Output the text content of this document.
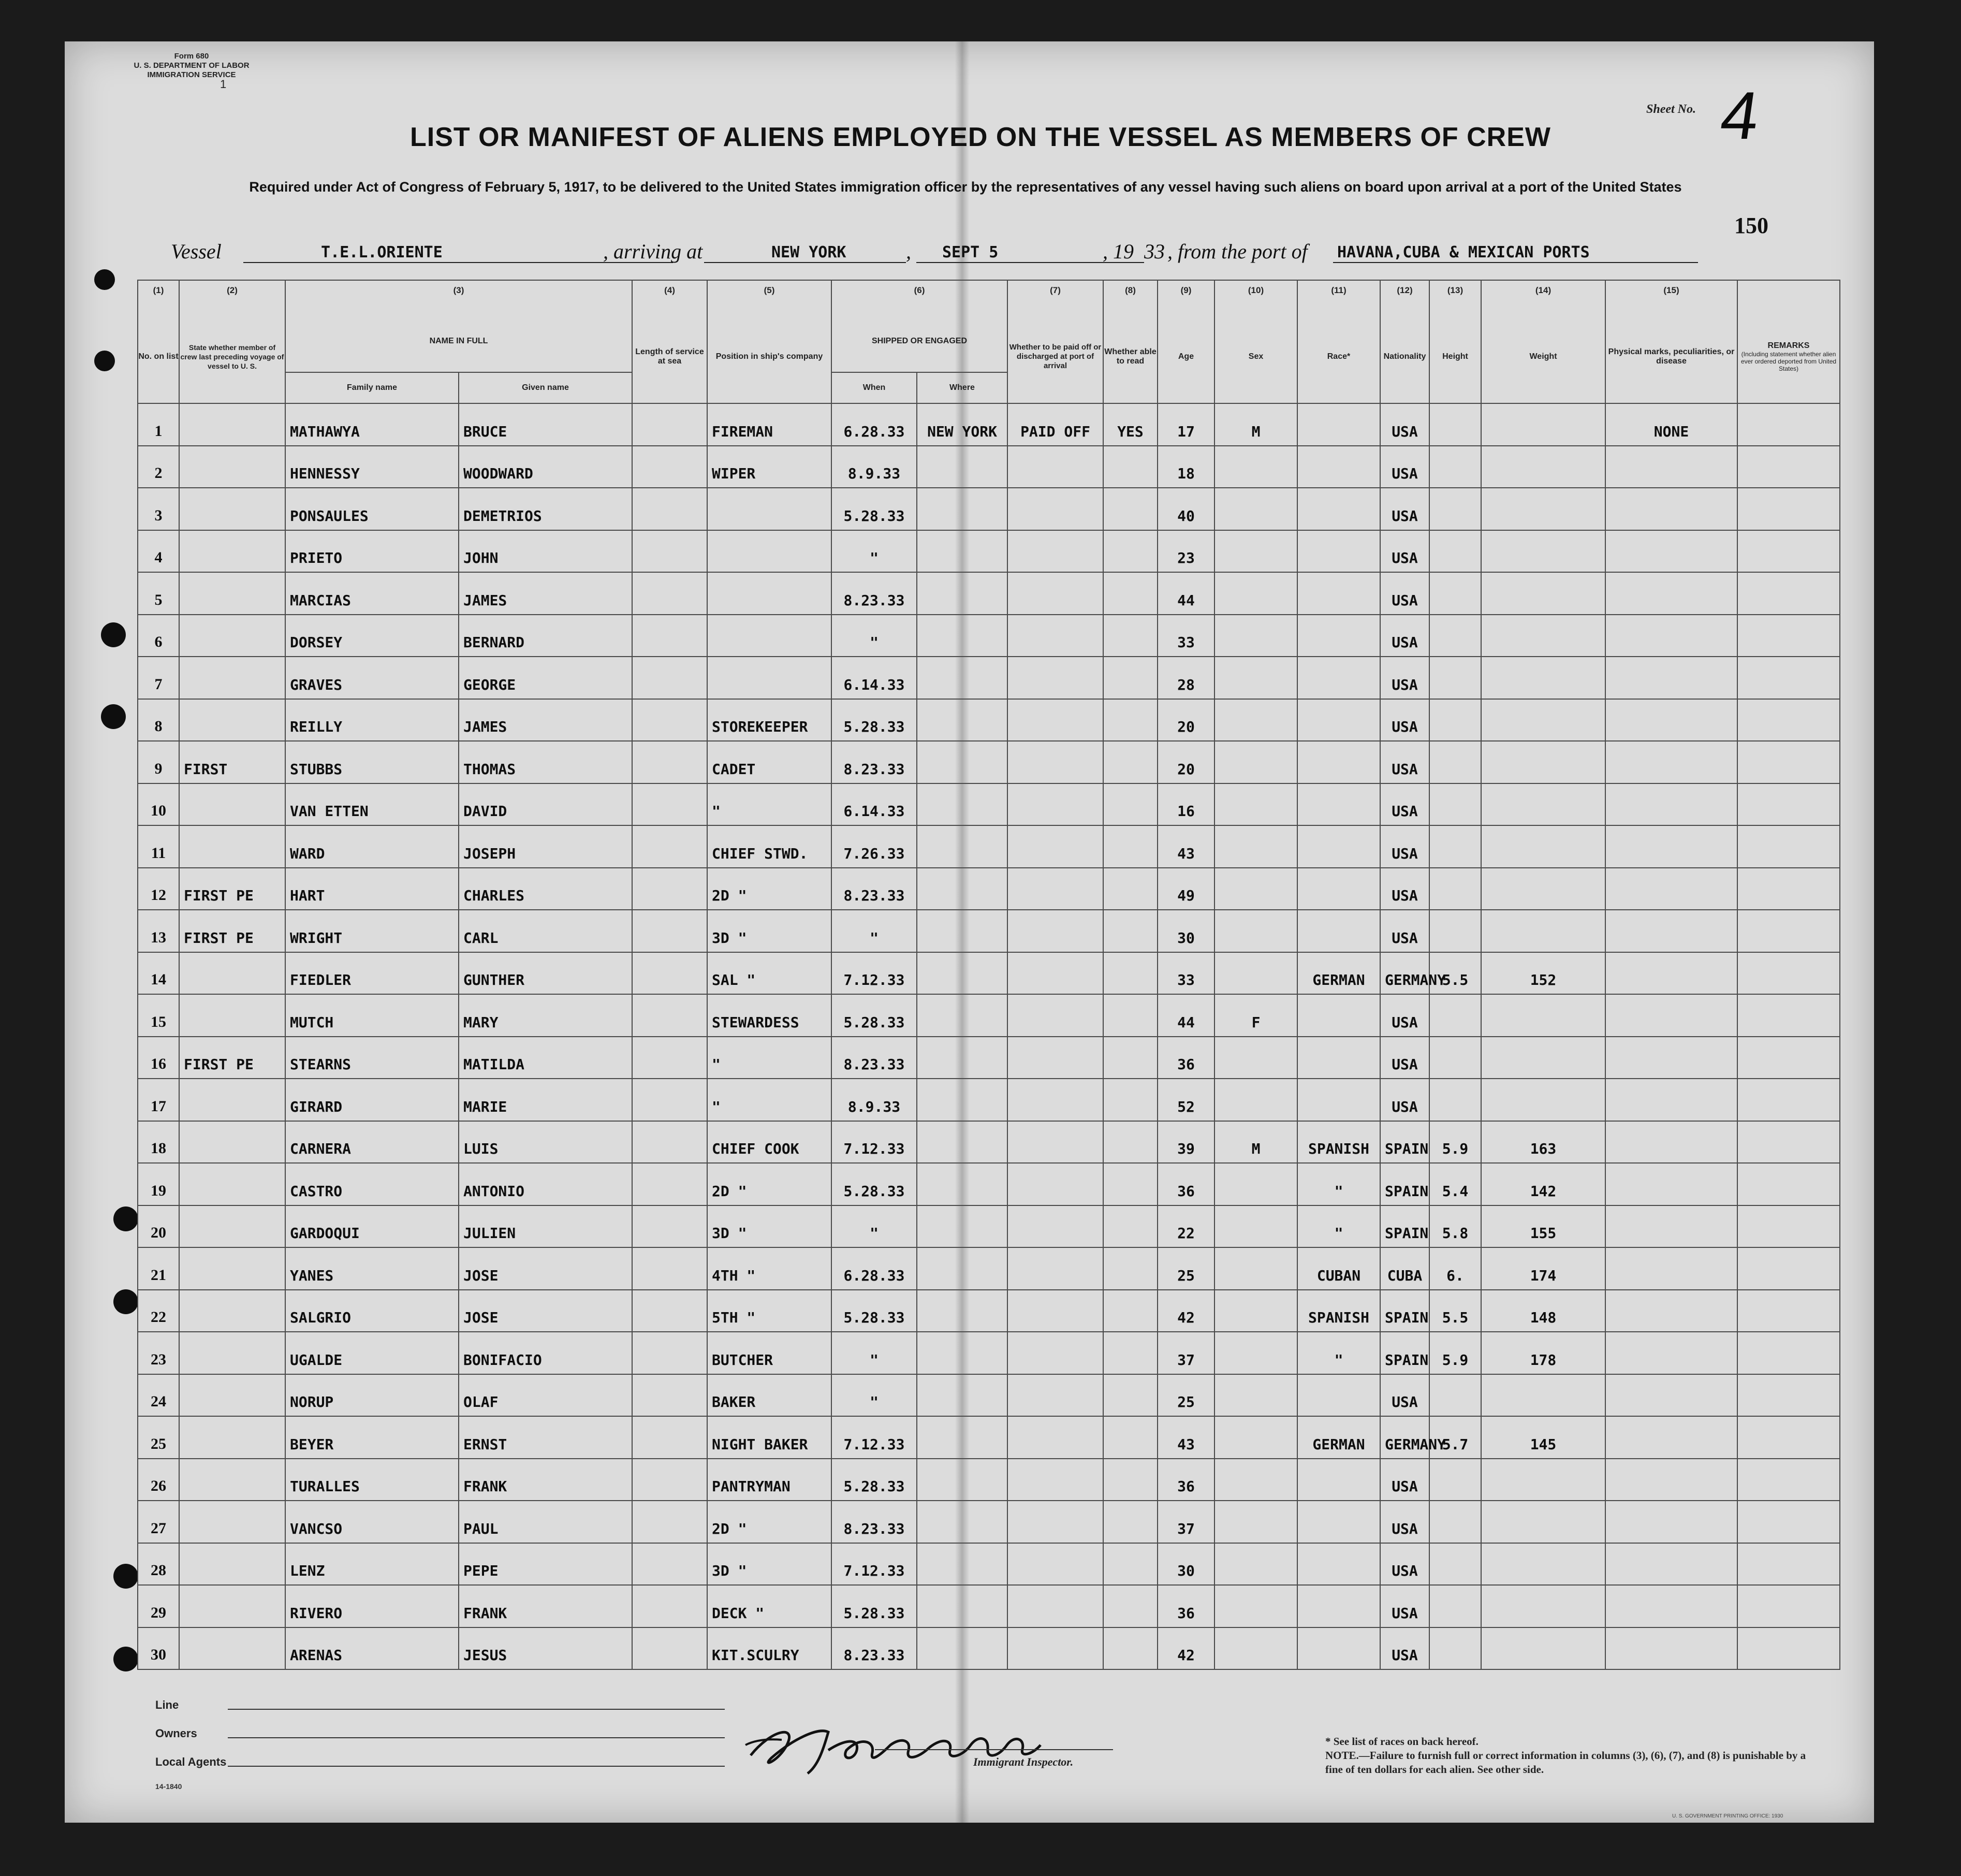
Form 680
U. S. DEPARTMENT OF LABOR
IMMIGRATION SERVICE
1
Sheet No. 4
LIST OR MANIFEST OF ALIENS EMPLOYED ON THE VESSEL AS MEMBERS OF CREW
Required under Act of Congress of February 5, 1917, to be delivered to the United States immigration officer by the representatives of any vessel having such aliens on board upon arrival at a port of the United States
150
Vessel	T.E.L.ORIENTE	, arriving at	NEW YORK	, SEPT 5	, 19 33 , from the port of HAVANA,CUBA & MEXICAN PORTS
(1)	(2)	(3)		(4)	(5)	(6)		(7)	(8)	(9)	(10)	(11)	(12)	(13)	(14)	(15)	
No. on list	State whether member of crew last preceding voyage of vessel to U. S.	NAME IN FULL		Length of service at sea	Position in ship's company	SHIPPED OR ENGAGED		Whether to be paid off or discharged at port of arrival	Whether able to read	Age	Sex	Race*	Nationality	Height	Weight	Physical marks, peculiarities, or disease	REMARKS
(Including statement whether alien ever ordered deported from United States)

		Family name	Given name			When	Where										
1		MATHAWYA	BRUCE		FIREMAN	6.28.33	NEW YORK	PAID OFF	YES	17	M		USA			NONE	
2		HENNESSY	WOODWARD		WIPER	8.9.33				18			USA				
3		PONSAULES	DEMETRIOS			5.28.33				40			USA				
4		PRIETO	JOHN			"				23			USA				
5		MARCIAS	JAMES			8.23.33				44			USA				
6		DORSEY	BERNARD			"				33			USA				
7		GRAVES	GEORGE			6.14.33				28			USA				
8		REILLY	JAMES		STOREKEEPER	5.28.33				20			USA				
9	FIRST	STUBBS	THOMAS		CADET	8.23.33				20			USA				
10		VAN ETTEN	DAVID		"	6.14.33				16			USA				
11		WARD	JOSEPH		CHIEF STWD.	7.26.33				43			USA				
12	FIRST PE	HART	CHARLES		2D "	8.23.33				49			USA				
13	FIRST PE	WRIGHT	CARL		3D "	"				30			USA				
14		FIEDLER	GUNTHER		SAL "	7.12.33				33		GERMAN	GERMANY	5.5	152		
15		MUTCH	MARY		STEWARDESS	5.28.33				44	F		USA				
16	FIRST PE	STEARNS	MATILDA		"	8.23.33				36			USA				
17		GIRARD	MARIE		"	8.9.33				52			USA				
18		CARNERA	LUIS		CHIEF COOK	7.12.33				39	M	SPANISH	SPAIN	5.9	163		
19		CASTRO	ANTONIO		2D "	5.28.33				36		"	SPAIN	5.4	142		
20		GARDOQUI	JULIEN		3D "	"				22		"	SPAIN	5.8	155		
21		YANES	JOSE		4TH "	6.28.33				25		CUBAN	CUBA	6.	174		
22		SALGRIO	JOSE		5TH "	5.28.33				42		SPANISH	SPAIN	5.5	148		
23		UGALDE	BONIFACIO		BUTCHER	"				37		"	SPAIN	5.9	178		
24		NORUP	OLAF		BAKER	"				25			USA				
25		BEYER	ERNST		NIGHT BAKER	7.12.33				43		GERMAN	GERMANY	5.7	145		
26		TURALLES	FRANK		PANTRYMAN	5.28.33				36			USA				
27		VANCSO	PAUL		2D "	8.23.33				37			USA				
28		LENZ	PEPE		3D "	7.12.33				30			USA				
29		RIVERO	FRANK		DECK "	5.28.33				36			USA				
30		ARENAS	JESUS		KIT.SCULRY	8.23.33				42			USA				
Line
Owners
Local Agents
14-1840
Immigrant Inspector.
* See list of races on back hereof.
NOTE.—Failure to furnish full or correct information in columns (3), (6), (7), and (8) is punishable by a fine of ten dollars for each alien. See other side.
U. S. GOVERNMENT PRINTING OFFICE: 1930
